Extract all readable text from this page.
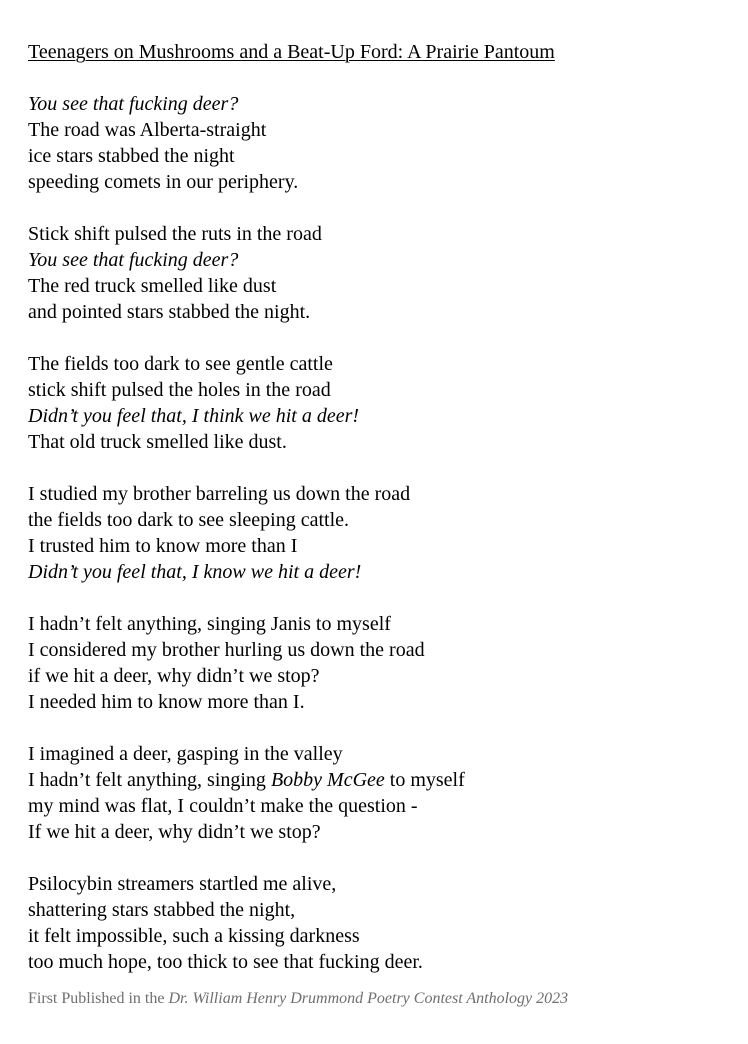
Teenagers on Mushrooms and a Beat-Up Ford: A Prairie Pantoum
You see that fucking deer?
The road was Alberta-straight
ice stars stabbed the night
speeding comets in our periphery.
Stick shift pulsed the ruts in the road
You see that fucking deer?
The red truck smelled like dust
and pointed stars stabbed the night.
The fields too dark to see gentle cattle
stick shift pulsed the holes in the road
Didn’t you feel that, I think we hit a deer!
That old truck smelled like dust.
I studied my brother barreling us down the road
the fields too dark to see sleeping cattle.
I trusted him to know more than I
Didn’t you feel that, I know we hit a deer!
I hadn’t felt anything, singing Janis to myself
I considered my brother hurling us down the road
if we hit a deer, why didn’t we stop?
I needed him to know more than I.
I imagined a deer, gasping in the valley
I hadn’t felt anything, singing Bobby McGee to myself
my mind was flat, I couldn’t make the question -
If we hit a deer, why didn’t we stop?
Psilocybin streamers startled me alive,
shattering stars stabbed the night,
it felt impossible, such a kissing darkness
too much hope, too thick to see that fucking deer.
First Published in the Dr. William Henry Drummond Poetry Contest Anthology 2023
